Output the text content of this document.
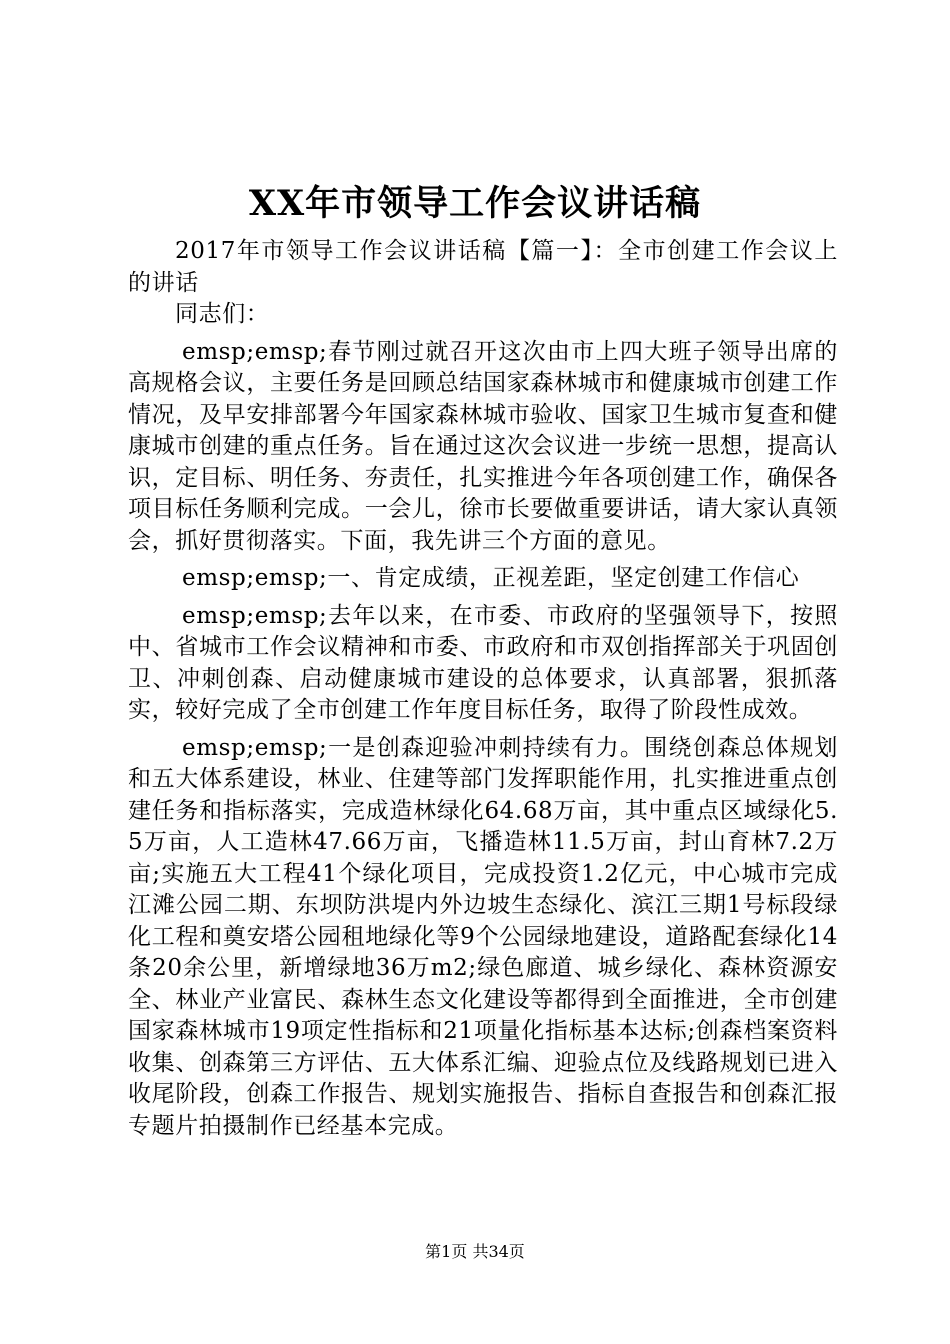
XX年市领导工作会议讲话稿

2017年市领导工作会议讲话稿【篇一】：全市创建工作会议上的讲话

同志们：

emsp;emsp;春节刚过就召开这次由市上四大班子领导出席的高规格会议，主要任务是回顾总结国家森林城市和健康城市创建工作情况，及早安排部署今年国家森林城市验收、国家卫生城市复查和健康城市创建的重点任务。旨在通过这次会议进一步统一思想，提高认识，定目标、明任务、夯责任，扎实推进今年各项创建工作，确保各项目标任务顺利完成。一会儿，徐市长要做重要讲话，请大家认真领会，抓好贯彻落实。下面，我先讲三个方面的意见。

emsp;emsp;一、肯定成绩，正视差距，坚定创建工作信心

emsp;emsp;去年以来，在市委、市政府的坚强领导下，按照中、省城市工作会议精神和市委、市政府和市双创指挥部关于巩固创卫、冲刺创森、启动健康城市建设的总体要求，认真部署，狠抓落实，较好完成了全市创建工作年度目标任务，取得了阶段性成效。

emsp;emsp;一是创森迎验冲刺持续有力。围绕创森总体规划和五大体系建设，林业、住建等部门发挥职能作用，扎实推进重点创建任务和指标落实，完成造林绿化64.68万亩，其中重点区域绿化5.5万亩，人工造林47.66万亩，飞播造林11.5万亩，封山育林7.2万亩;实施五大工程41个绿化项目，完成投资1.2亿元，中心城市完成江滩公园二期、东坝防洪堤内外边坡生态绿化、滨江三期1号标段绿化工程和奠安塔公园租地绿化等9个公园绿地建设，道路配套绿化14条20余公里，新增绿地36万m2;绿色廊道、城乡绿化、森林资源安全、林业产业富民、森林生态文化建设等都得到全面推进，全市创建国家森林城市19项定性指标和21项量化指标基本达标;创森档案资料收集、创森第三方评估、五大体系汇编、迎验点位及线路规划已进入收尾阶段，创森工作报告、规划实施报告、指标自查报告和创森汇报专题片拍摄制作已经基本完成。

第1页 共34页
